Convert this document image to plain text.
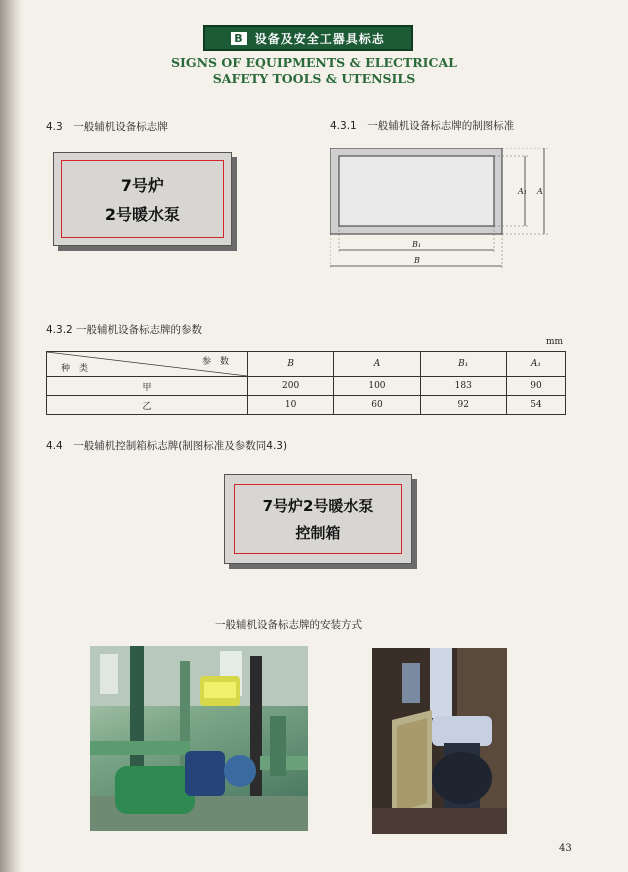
B 设备及安全工器具标志
SIGNS OF EQUIPMENTS & ELECTRICAL
SAFETY TOOLS & UTENSILS
4.3　一般辅机设备标志牌
7号炉
2号暖水泵
4.3.1　一般辅机设备标志牌的制图标准
A₁ A
B₁
B
4.3.2 一般辅机设备标志牌的参数
mm
参　数
种　类	B	A	B₁	A₁
甲	200	100	183	90
乙	10	60	92	54
4.4　一般辅机控制箱标志牌(制图标准及参数同4.3)
7号炉2号暖水泵
控制箱
一般辅机设备标志牌的安装方式
43
